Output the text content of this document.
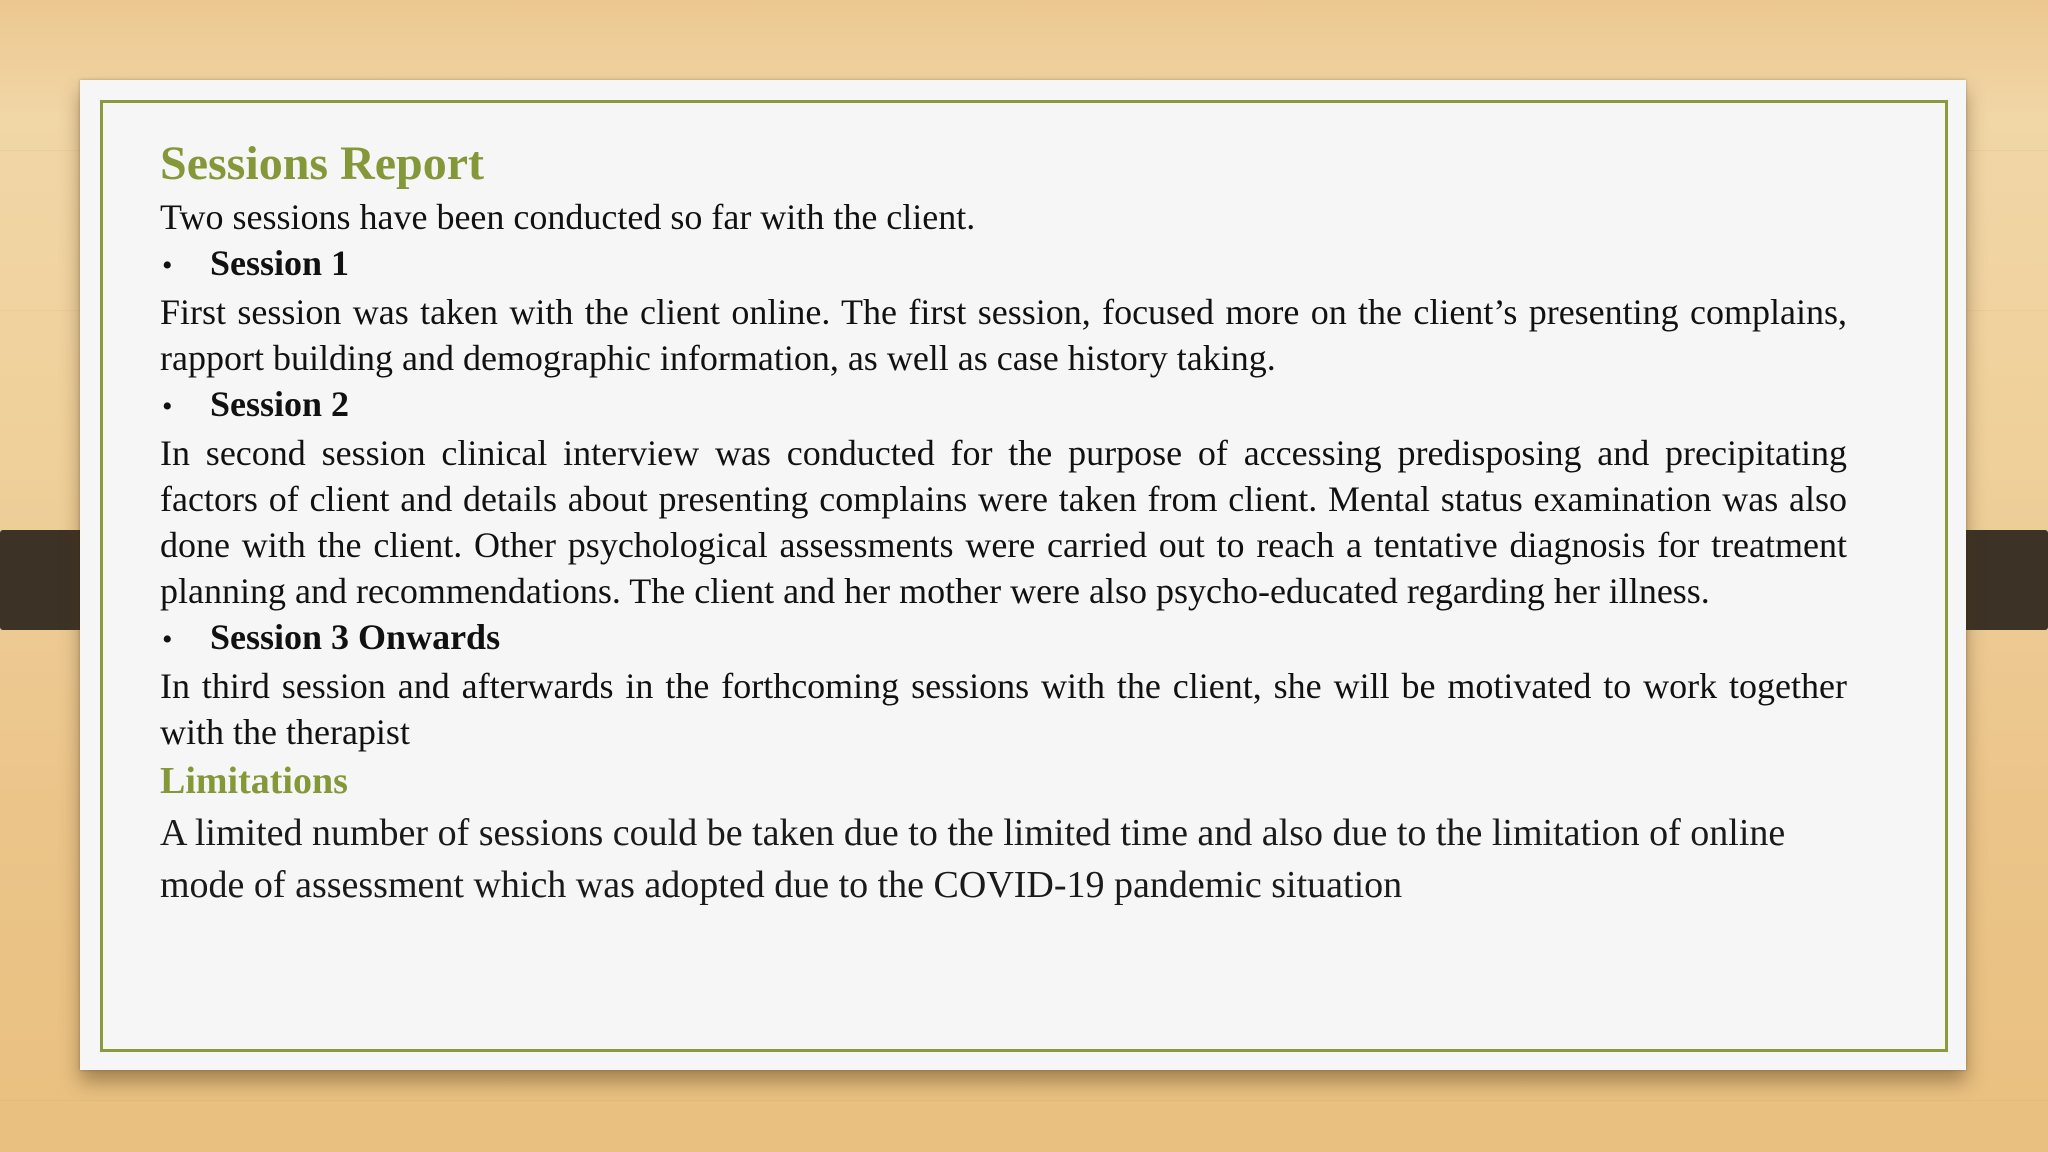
Sessions Report

Two sessions have been conducted so far with the client.

•	Session 1

First session was taken with the client online. The first session, focused more on the client’s presenting complains, rapport building and demographic information, as well as case history taking.

•	Session 2

In second session clinical interview was conducted for the purpose of accessing predisposing and precipitating factors of client and details about presenting complains were taken from client. Mental status examination was also done with the client. Other psychological assessments were carried out to reach a tentative diagnosis for treatment planning and recommendations. The client and her mother were also psycho-educated regarding her illness.

•	Session 3 Onwards

In third session and afterwards in the forthcoming sessions with the client, she will be motivated to work together with the therapist

Limitations

A limited number of sessions could be taken due to the limited time and also due to the limitation of online mode of assessment which was adopted due to the COVID-19 pandemic situation
